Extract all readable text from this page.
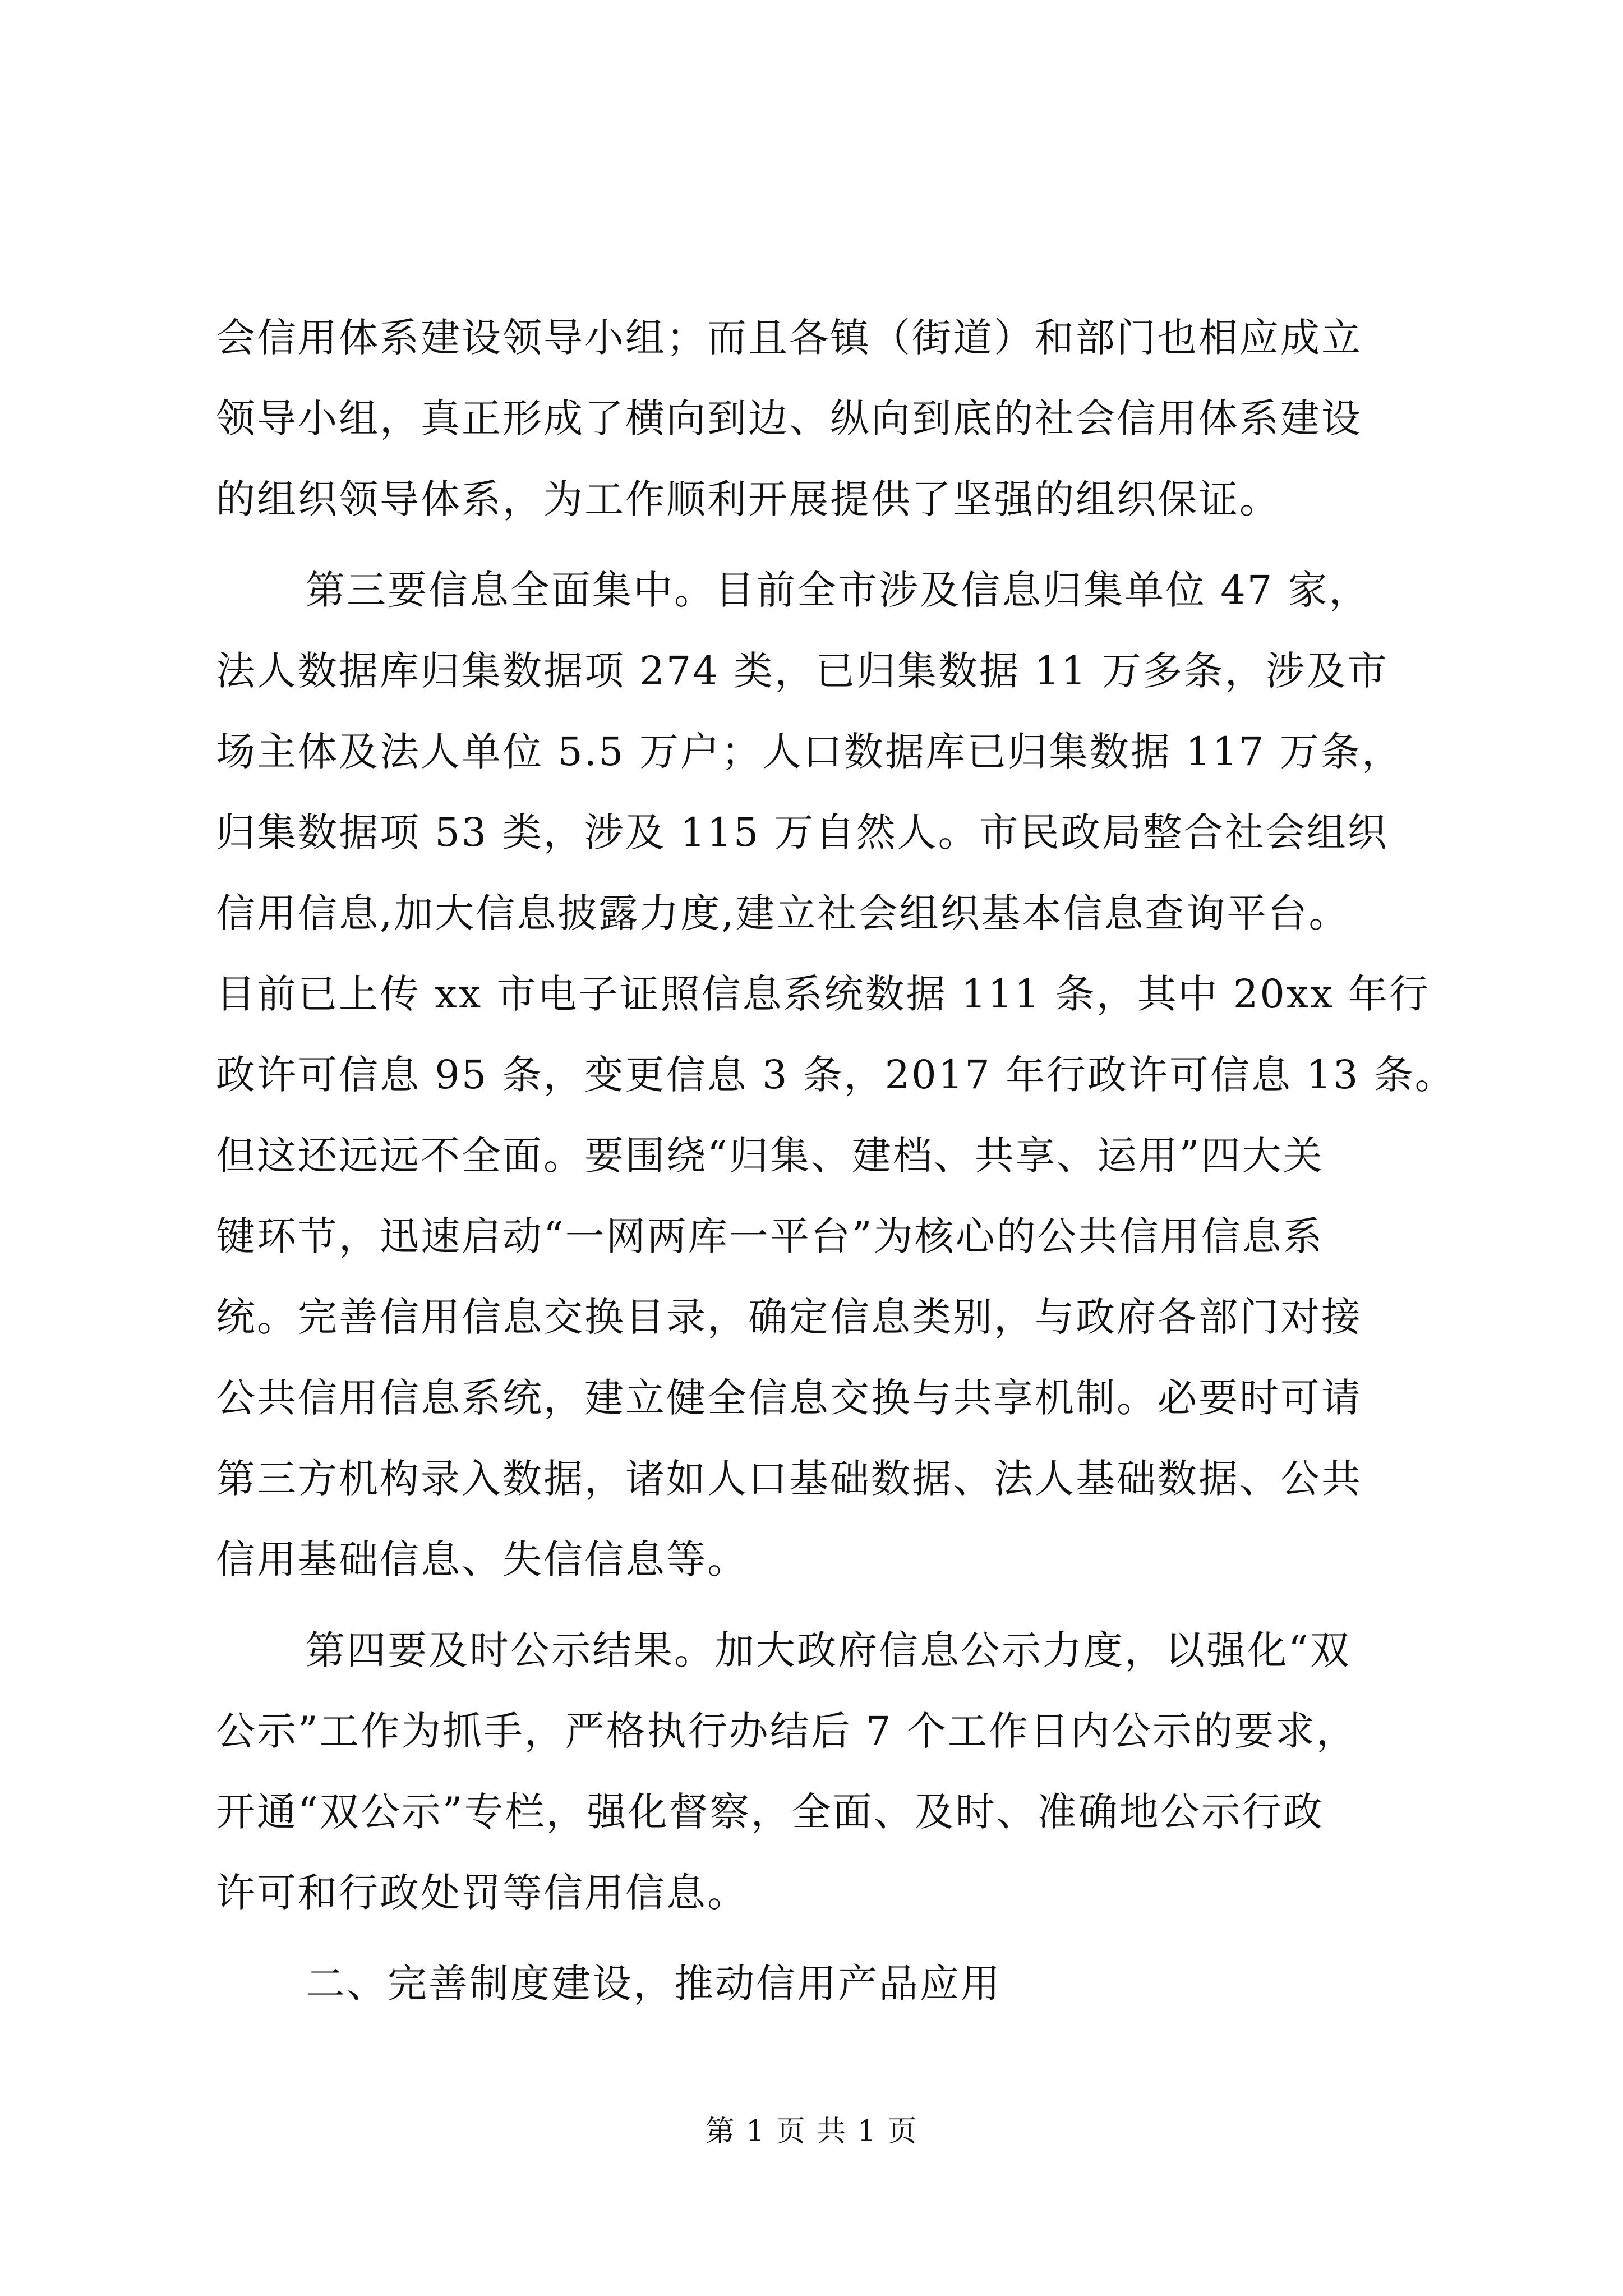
会信用体系建设领导小组；而且各镇（街道）和部门也相应成立
领导小组，真正形成了横向到边、纵向到底的社会信用体系建设
的组织领导体系，为工作顺利开展提供了坚强的组织保证。
第三要信息全面集中。目前全市涉及信息归集单位 47 家，
法人数据库归集数据项 274 类，已归集数据 11 万多条，涉及市
场主体及法人单位 5.5 万户；人口数据库已归集数据 117 万条，
归集数据项 53 类，涉及 115 万自然人。市民政局整合社会组织
信用信息,加大信息披露力度,建立社会组织基本信息查询平台。
目前已上传 xx 市电子证照信息系统数据 111 条，其中 20xx 年行
政许可信息 95 条，变更信息 3 条，2017 年行政许可信息 13 条。
但这还远远不全面。要围绕“归集、建档、共享、运用”四大关
键环节，迅速启动“一网两库一平台”为核心的公共信用信息系
统。完善信用信息交换目录，确定信息类别，与政府各部门对接
公共信用信息系统，建立健全信息交换与共享机制。必要时可请
第三方机构录入数据，诸如人口基础数据、法人基础数据、公共
信用基础信息、失信信息等。
第四要及时公示结果。加大政府信息公示力度，以强化“双
公示”工作为抓手，严格执行办结后 7 个工作日内公示的要求，
开通“双公示”专栏，强化督察，全面、及时、准确地公示行政
许可和行政处罚等信用信息。
二、完善制度建设，推动信用产品应用
第 1 页 共 1 页
